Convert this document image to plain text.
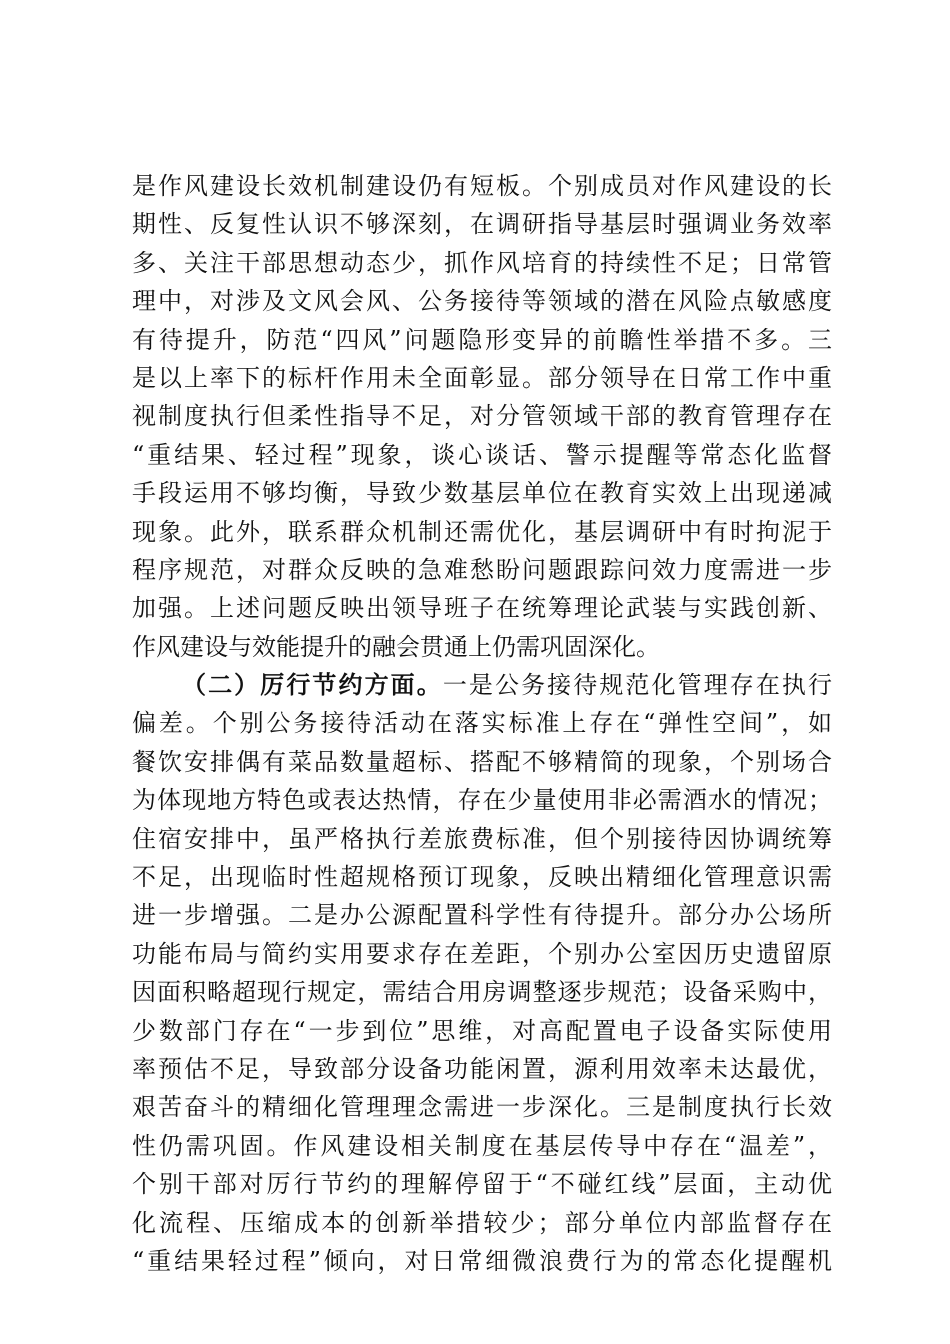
是作风建设长效机制建设仍有短板。个别成员对作风建设的长
期性、反复性认识不够深刻，在调研指导基层时强调业务效率
多、关注干部思想动态少，抓作风培育的持续性不足；日常管
理中，对涉及文风会风、公务接待等领域的潜在风险点敏感度
有待提升，防范“四风”问题隐形变异的前瞻性举措不多。三
是以上率下的标杆作用未全面彰显。部分领导在日常工作中重
视制度执行但柔性指导不足，对分管领域干部的教育管理存在
“重结果、轻过程”现象，谈心谈话、警示提醒等常态化监督
手段运用不够均衡，导致少数基层单位在教育实效上出现递减
现象。此外，联系群众机制还需优化，基层调研中有时拘泥于
程序规范，对群众反映的急难愁盼问题跟踪问效力度需进一步
加强。上述问题反映出领导班子在统筹理论武装与实践创新、
作风建设与效能提升的融会贯通上仍需巩固深化。
（二）厉行节约方面。一是公务接待规范化管理存在执行
偏差。个别公务接待活动在落实标准上存在“弹性空间”，如
餐饮安排偶有菜品数量超标、搭配不够精简的现象，个别场合
为体现地方特色或表达热情，存在少量使用非必需酒水的情况；
住宿安排中，虽严格执行差旅费标准，但个别接待因协调统筹
不足，出现临时性超规格预订现象，反映出精细化管理意识需
进一步增强。二是办公源配置科学性有待提升。部分办公场所
功能布局与简约实用要求存在差距，个别办公室因历史遗留原
因面积略超现行规定，需结合用房调整逐步规范；设备采购中，
少数部门存在“一步到位”思维，对高配置电子设备实际使用
率预估不足，导致部分设备功能闲置，源利用效率未达最优，
艰苦奋斗的精细化管理理念需进一步深化。三是制度执行长效
性仍需巩固。作风建设相关制度在基层传导中存在“温差”，
个别干部对厉行节约的理解停留于“不碰红线”层面，主动优
化流程、压缩成本的创新举措较少；部分单位内部监督存在
“重结果轻过程”倾向，对日常细微浪费行为的常态化提醒机
